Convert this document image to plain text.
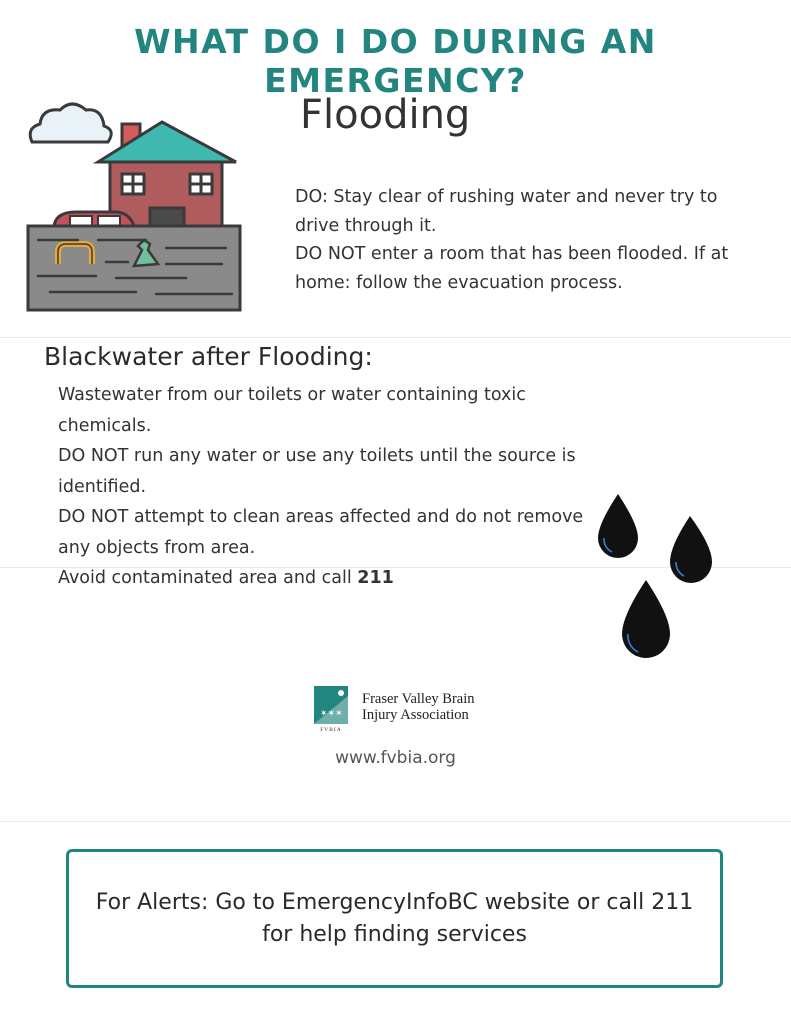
WHAT DO I DO DURING AN EMERGENCY?
Flooding

DO: Stay clear of rushing water and never try to drive through it.

DO NOT enter a room that has been flooded. If at home: follow the evacuation process.

Blackwater after Flooding:

Wastewater from our toilets or water containing toxic chemicals.

DO NOT run any water or use any toilets until the source is identified.

DO NOT attempt to clean areas affected and do not remove any objects from area.

Avoid contaminated area and call 211

✶✶✶
FVBIA
Fraser Valley Brain
Injury Association
www.fvbia.org
For Alerts: Go to EmergencyInfoBC website or call 211 for help finding services
